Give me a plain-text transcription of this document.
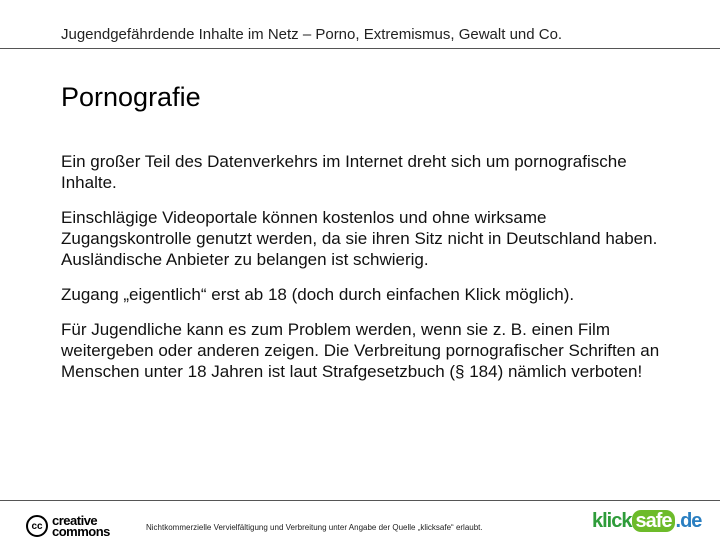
Jugendgefährdende Inhalte im Netz – Porno, Extremismus, Gewalt und Co.
Pornografie

Ein großer Teil des Datenverkehrs im Internet dreht sich um pornografische Inhalte.

Einschlägige Videoportale können kostenlos und ohne wirksame Zugangskontrolle genutzt werden, da sie ihren Sitz nicht in Deutschland haben. Ausländische Anbieter zu belangen ist schwierig.

Zugang „eigentlich“ erst ab 18 (doch durch einfachen Klick möglich).

Für Jugendliche kann es zum Problem werden, wenn sie z. B. einen Film weitergeben oder anderen zeigen. Die Verbreitung pornografischer Schriften an Menschen unter 18 Jahren ist laut Strafgesetzbuch (§ 184) nämlich verboten!

cc creative
commons	Nichtkommerzielle Vervielfältigung und Verbreitung unter Angabe der Quelle „klicksafe“ erlaubt.	klick safe .de
